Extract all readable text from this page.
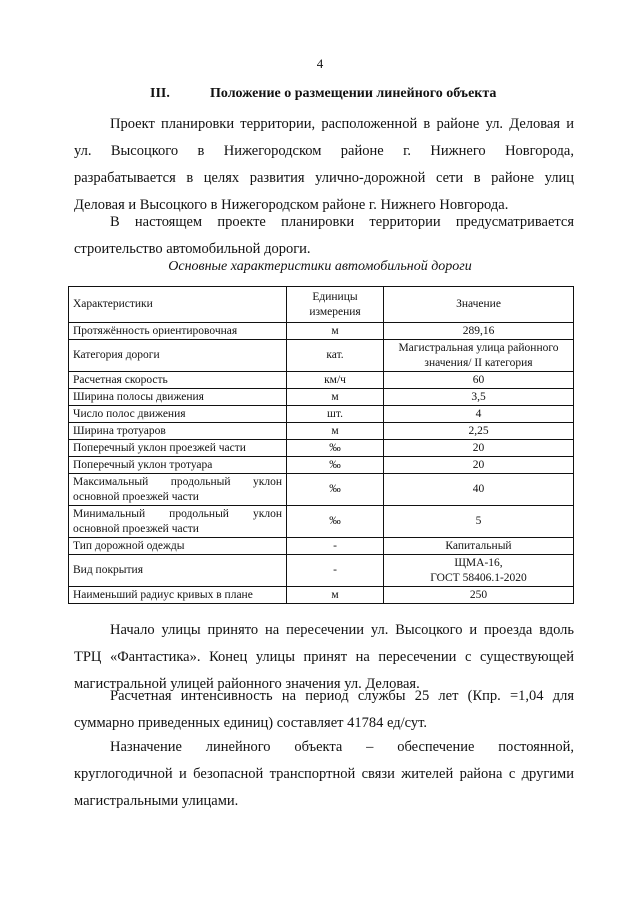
4
III.	Положение о размещении линейного объекта
Проект планировки территории, расположенной в районе ул. Деловая и
ул. Высоцкого в Нижегородском районе г. Нижнего Новгорода,
разрабатывается в целях развития улично-дорожной сети в районе улиц
Деловая и Высоцкого в Нижегородском районе г. Нижнего Новгорода.
В настоящем проекте планировки территории предусматривается
строительство автомобильной дороги.
Основные характеристики автомобильной дороги
Характеристики	Единицы измерения	Значение

Протяжённость ориентировочная	м	289,16

Категория дороги	кат.	Магистральная улица районного
значения/ II категория

Расчетная скорость	км/ч	60

Ширина полосы движения	м	3,5

Число полос движения	шт.	4

Ширина тротуаров	м	2,25

Поперечный уклон проезжей части	‰	20

Поперечный уклон тротуара	‰	20

Максимальный продольный уклон
основной проезжей части	‰	40

Минимальный продольный уклон
основной проезжей части	‰	5

Тип дорожной одежды	-	Капитальный

Вид покрытия	-	ЩМА-16,
ГОСТ 58406.1-2020

Наименьший радиус кривых в плане	м	250
Начало улицы принято на пересечении ул. Высоцкого и проезда вдоль
ТРЦ «Фантастика». Конец улицы принят на пересечении с существующей
магистральной улицей районного значения ул. Деловая.
Расчетная интенсивность на период службы 25 лет (Кпр. =1,04 для
суммарно приведенных единиц) составляет 41784 ед/сут.
Назначение линейного объекта – обеспечение постоянной,
круглогодичной и безопасной транспортной связи жителей района с другими
магистральными улицами.
